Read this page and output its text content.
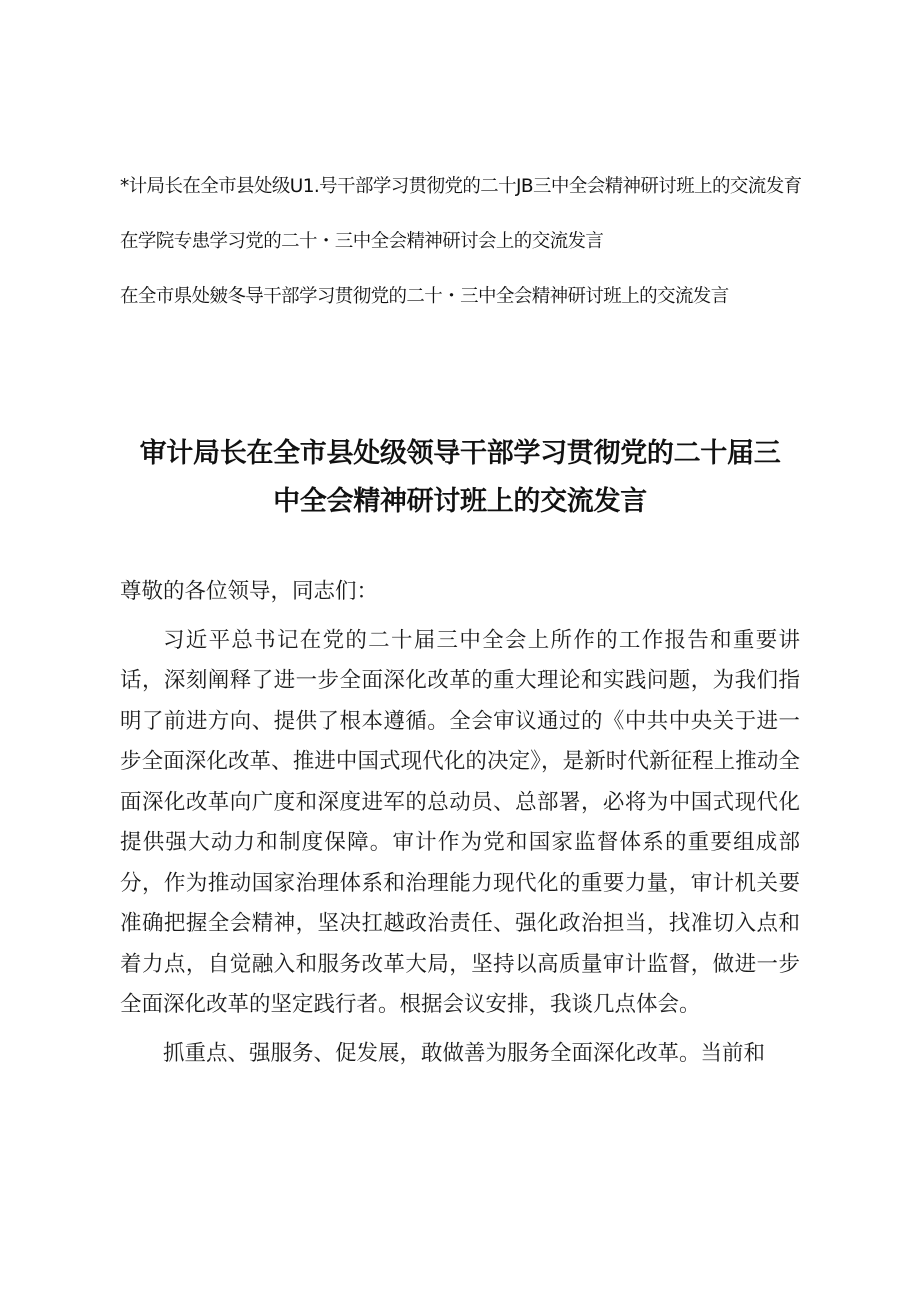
*计局长在全市县处级U1.号干部学习贯彻党的二十JB三中全会精神研讨班上的交流发育

在学院专患学习党的二十・三中全会精神研讨会上的交流发言

在全市県处皴冬导干部学习贯彻党的二十・三中全会精神研讨班上的交流发言

审计局长在全市县处级领导干部学习贯彻党的二十届三
中全会精神研讨班上的交流发言

尊敬的各位领导，同志们：

习近平总书记在党的二十届三中全会上所作的工作报告和重要讲话，深刻阐释了进一步全面深化改革的重大理论和实践问题，为我们指明了前进方向、提供了根本遵循。全会审议通过的《中共中央关于进一步全面深化改革、推进中国式现代化的决定》，是新时代新征程上推动全面深化改革向广度和深度进军的总动员、总部署，必将为中国式现代化提供强大动力和制度保障。审计作为党和国家监督体系的重要组成部分，作为推动国家治理体系和治理能力现代化的重要力量，审计机关要准确把握全会精神，坚决扛越政治责任、强化政治担当，找准切入点和着力点，自觉融入和服务改革大局，坚持以高质量审计监督，做进一步全面深化改革的坚定践行者。根据会议安排，我谈几点体会。

抓重点、强服务、促发展，敢做善为服务全面深化改革。当前和
